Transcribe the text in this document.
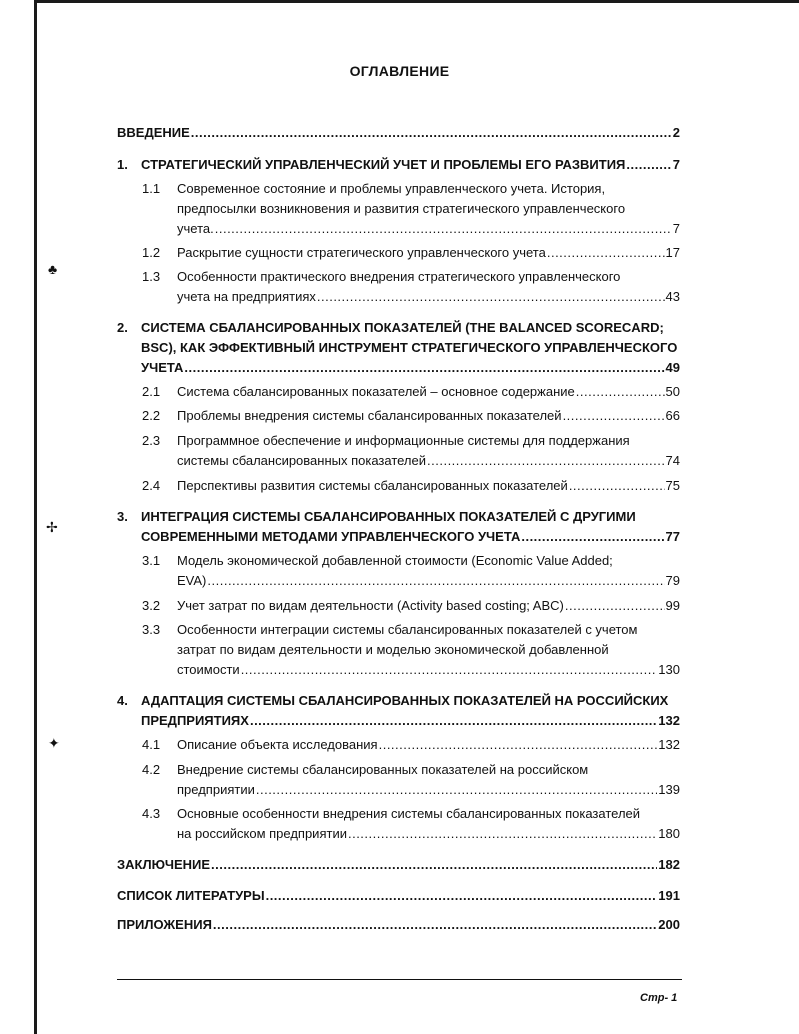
♣
✢
✦
ОГЛАВЛЕНИЕ
ВВЕДЕНИЕ .....	2
1. СТРАТЕГИЧЕСКИЙ УПРАВЛЕНЧЕСКИЙ УЧЕТ И ПРОБЛЕМЫ ЕГО РАЗВИТИЯ .....	7
1.1 Современное состояние и проблемы управленческого учета. История,
предпосылки возникновения и развития стратегического управленческого
учета. .....	7
1.2 Раскрытие сущности стратегического управленческого учета .....	17
1.3 Особенности практического внедрения стратегического управленческого
учета на предприятиях .....	43
2. СИСТЕМА СБАЛАНСИРОВАННЫХ ПОКАЗАТЕЛЕЙ (THE BALANCED SCORECARD;
BSC), КАК ЭФФЕКТИВНЫЙ ИНСТРУМЕНТ СТРАТЕГИЧЕСКОГО УПРАВЛЕНЧЕСКОГО
УЧЕТА .....	49
2.1 Система сбалансированных показателей – основное содержание .....	50
2.2 Проблемы внедрения системы сбалансированных показателей .....	66
2.3 Программное обеспечение и информационные системы для поддержания
системы сбалансированных показателей .....	74
2.4 Перспективы развития системы сбалансированных показателей .....	75
3. ИНТЕГРАЦИЯ СИСТЕМЫ СБАЛАНСИРОВАННЫХ ПОКАЗАТЕЛЕЙ С ДРУГИМИ
СОВРЕМЕННЫМИ МЕТОДАМИ УПРАВЛЕНЧЕСКОГО УЧЕТА .....	77
3.1 Модель экономической добавленной стоимости (Economic Value Added;
EVA) .....	79
3.2 Учет затрат по видам деятельности (Activity based costing; ABC) .....	99
3.3 Особенности интеграции системы сбалансированных показателей с учетом
затрат по видам деятельности и моделью экономической добавленной
стоимости .....	130
4. АДАПТАЦИЯ СИСТЕМЫ СБАЛАНСИРОВАННЫХ ПОКАЗАТЕЛЕЙ НА РОССИЙСКИХ
ПРЕДПРИЯТИЯХ .....	132
4.1 Описание объекта исследования .....	132
4.2 Внедрение системы сбалансированных показателей на российском
предприятии .....	139
4.3 Основные особенности внедрения системы сбалансированных показателей
на российском предприятии .....	180
ЗАКЛЮЧЕНИЕ .....	182
СПИСОК ЛИТЕРАТУРЫ .....	191
ПРИЛОЖЕНИЯ .....	200
Стр- 1
